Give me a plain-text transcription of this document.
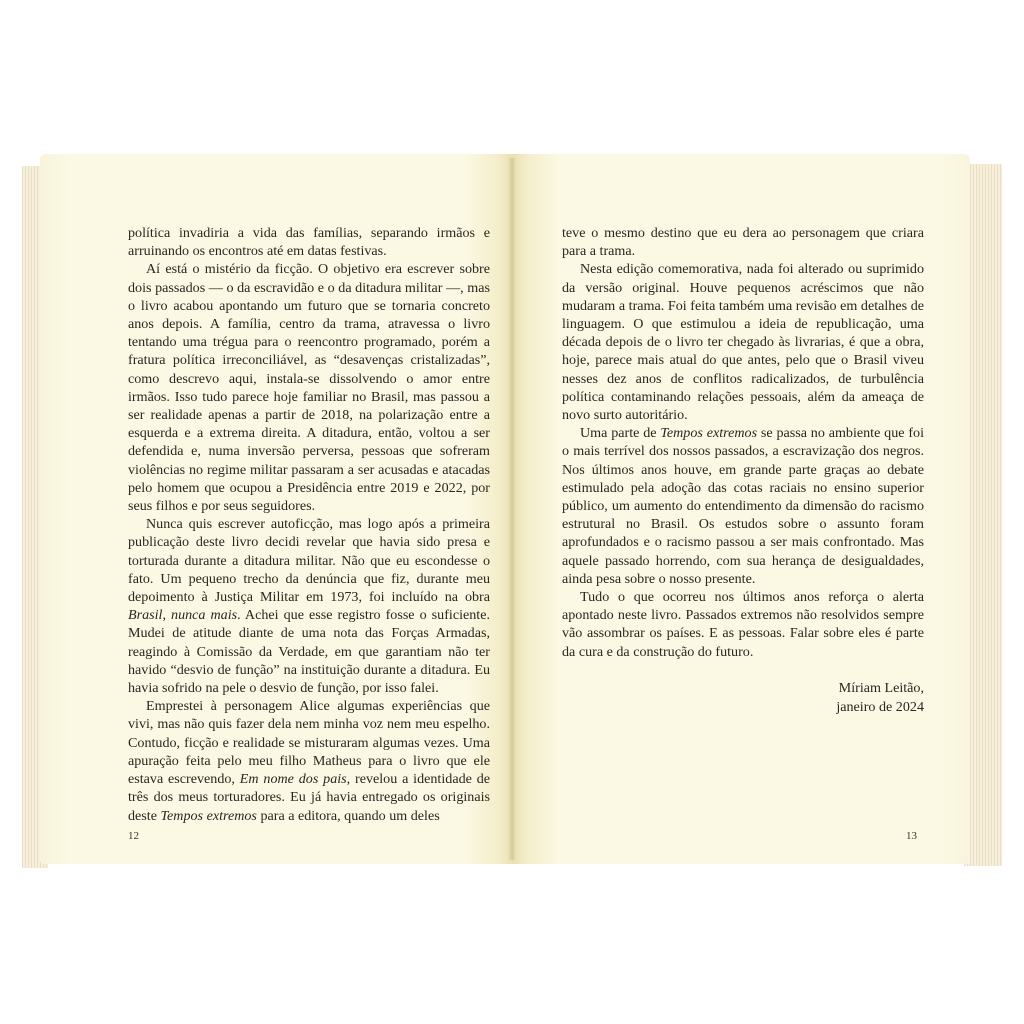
política invadiria a vida das famílias, separando irmãos e arruinando os encontros até em datas festivas.

Aí está o mistério da ficção. O objetivo era escrever sobre dois passados — o da escravidão e o da ditadura militar —, mas o livro acabou apontando um futuro que se tornaria concreto anos depois. A família, centro da trama, atravessa o livro tentando uma trégua para o reencontro programado, porém a fratura política irreconciliável, as “desavenças cristalizadas”, como descrevo aqui, instala-se dissolvendo o amor entre irmãos. Isso tudo parece hoje familiar no Brasil, mas passou a ser realidade apenas a partir de 2018, na polarização entre a esquerda e a extrema direita. A ditadura, então, voltou a ser defendida e, numa inversão perversa, pessoas que sofreram violências no regime militar passaram a ser acusadas e atacadas pelo homem que ocupou a Presidência entre 2019 e 2022, por seus filhos e por seus seguidores.

Nunca quis escrever autoficção, mas logo após a primeira publicação deste livro decidi revelar que havia sido presa e torturada durante a ditadura militar. Não que eu escondesse o fato. Um pequeno trecho da denúncia que fiz, durante meu depoimento à Justiça Militar em 1973, foi incluído na obra Brasil, nunca mais. Achei que esse registro fosse o suficiente. Mudei de atitude diante de uma nota das Forças Armadas, reagindo à Comissão da Verdade, em que garantiam não ter havido “desvio de função” na instituição durante a ditadura. Eu havia sofrido na pele o desvio de função, por isso falei.

Emprestei à personagem Alice algumas experiências que vivi, mas não quis fazer dela nem minha voz nem meu espelho. Contudo, ficção e realidade se misturaram algumas vezes. Uma apuração feita pelo meu filho Matheus para o livro que ele estava escrevendo, Em nome dos pais, revelou a identidade de três dos meus torturadores. Eu já havia entregado os originais deste Tempos extremos para a editora, quando um deles

12

teve o mesmo destino que eu dera ao personagem que criara para a trama.

Nesta edição comemorativa, nada foi alterado ou suprimido da versão original. Houve pequenos acréscimos que não mudaram a trama. Foi feita também uma revisão em detalhes de linguagem. O que estimulou a ideia de republicação, uma década depois de o livro ter chegado às livrarias, é que a obra, hoje, parece mais atual do que antes, pelo que o Brasil viveu nesses dez anos de conflitos radicalizados, de turbulência política contaminando relações pessoais, além da ameaça de novo surto autoritário.

Uma parte de Tempos extremos se passa no ambiente que foi o mais terrível dos nossos passados, a escravização dos negros. Nos últimos anos houve, em grande parte graças ao debate estimulado pela adoção das cotas raciais no ensino superior público, um aumento do entendimento da dimensão do racismo estrutural no Brasil. Os estudos sobre o assunto foram aprofundados e o racismo passou a ser mais confrontado. Mas aquele passado horrendo, com sua herança de desigualdades, ainda pesa sobre o nosso presente.

Tudo o que ocorreu nos últimos anos reforça o alerta apontado neste livro. Passados extremos não resolvidos sempre vão assombrar os países. E as pessoas. Falar sobre eles é parte da cura e da construção do futuro.

Míriam Leitão,
janeiro de 2024
13
